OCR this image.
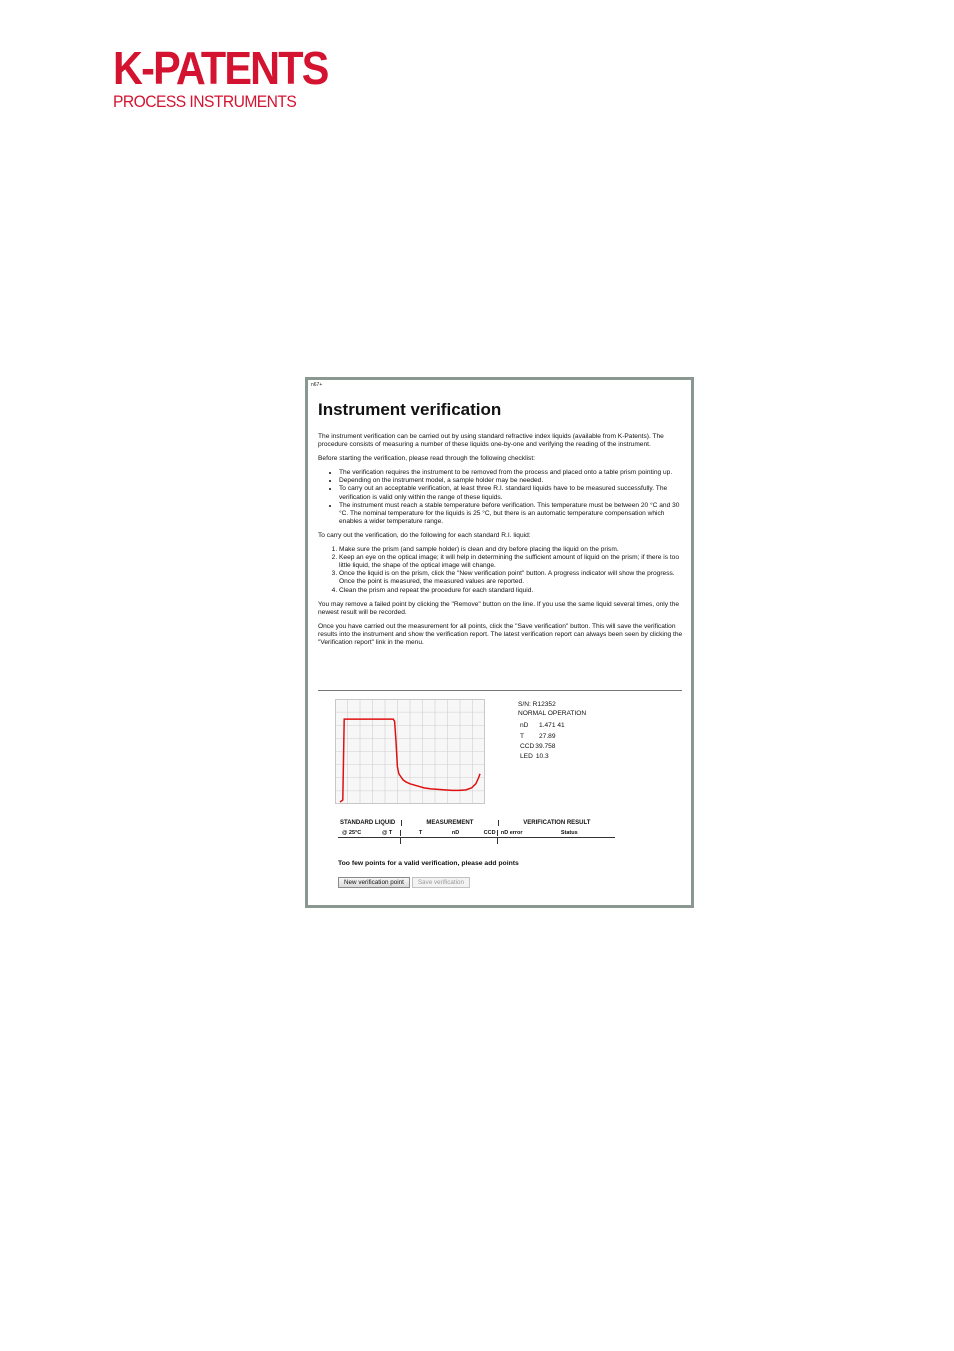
K-PATENTS
PROCESS INSTRUMENTS
n67+
Instrument verification

The instrument verification can be carried out by using standard refractive index liquids (available from K-Patents). The procedure consists of measuring a number of these liquids one-by-one and verifying the reading of the instrument.

Before starting the verification, please read through the following checklist:

• The verification requires the instrument to be removed from the process and placed onto a table prism pointing up.
• Depending on the instrument model, a sample holder may be needed.
• To carry out an acceptable verification, at least three R.I. standard liquids have to be measured successfully. The verification is valid only within the range of these liquids.
• The instrument must reach a stable temperature before verification. This temperature must be between 20 °C and 30 °C. The nominal temperature for the liquids is 25 °C, but there is an automatic temperature compensation which enables a wider temperature range.

To carry out the verification, do the following for each standard R.I. liquid:

1. Make sure the prism (and sample holder) is clean and dry before placing the liquid on the prism.
2. Keep an eye on the optical image; it will help in determining the sufficient amount of liquid on the prism; if there is too little liquid, the shape of the optical image will change.
3. Once the liquid is on the prism, click the "New verification point" button. A progress indicator will show the progress. Once the point is measured, the measured values are reported.
4. Clean the prism and repeat the procedure for each standard liquid.

You may remove a failed point by clicking the "Remove" button on the line. If you use the same liquid several times, only the newest result will be recorded.

Once you have carried out the measurement for all points, click the "Save verification" button. This will save the verification results into the instrument and show the verification report. The latest verification report can always been seen by clicking the "Verification report" link in the menu.

S/N: R12352
NORMAL OPERATION
nD	1.471 41
T	27.89
CCD 39.758
LED 10.3
STANDARD LIQUID	MEASUREMENT	VERIFICATION RESULT
@ 25°C	@ T	T	nD	CCD nD error	Status
Too few points for a valid verification, please add points
New verification point	Save verification
